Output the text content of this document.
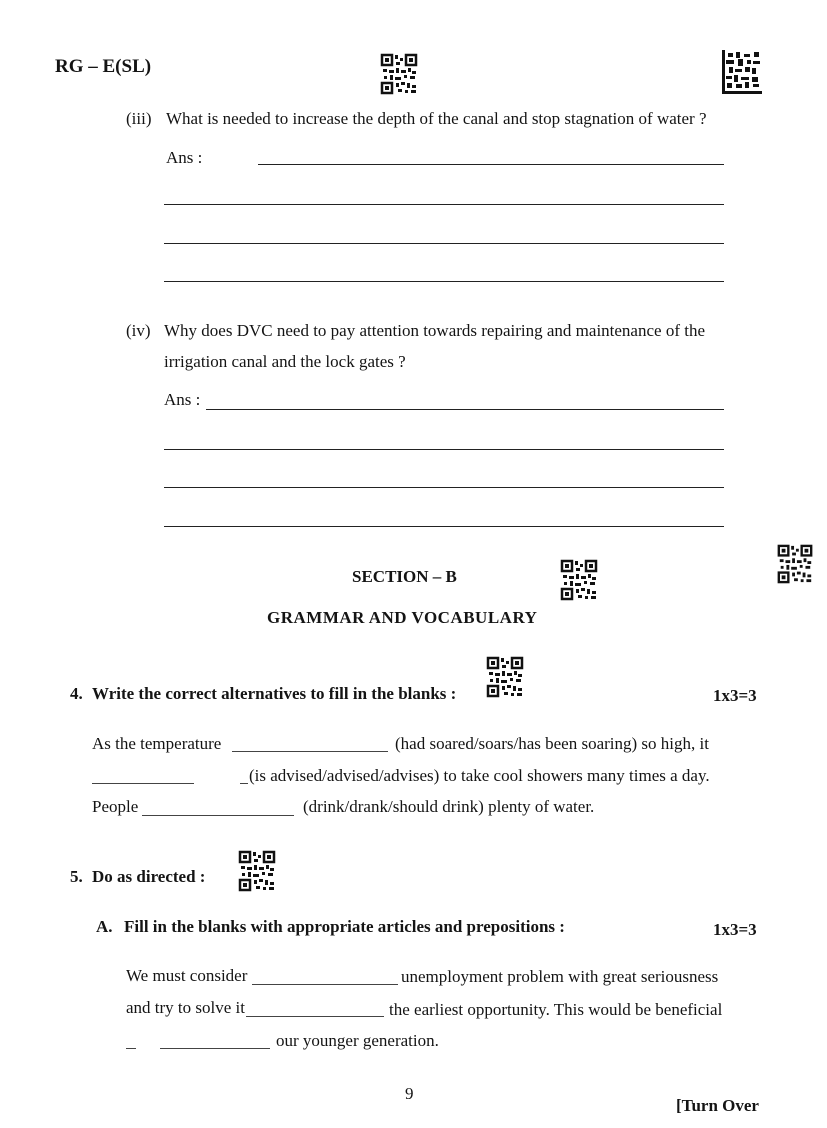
RG – E(SL)
(iii) What is needed to increase the depth of the canal and stop stagnation of water ?
Ans :
(iv) Why does DVC need to pay attention towards repairing and maintenance of the
irrigation canal and the lock gates ?
Ans :
SECTION – B
GRAMMAR AND VOCABULARY
4. Write the correct alternatives to fill in the blanks :	1x3=3
As the temperature	(had soared/soars/has been soaring) so high, it
(is advised/advised/advises) to take cool showers many times a day.
People	(drink/drank/should drink) plenty of water.
5. Do as directed :
A. Fill in the blanks with appropriate articles and prepositions :	1x3=3
We must consider	unemployment problem with great seriousness
and try to solve it	the earliest opportunity. This would be beneficial
our younger generation.
9
[Turn Over
